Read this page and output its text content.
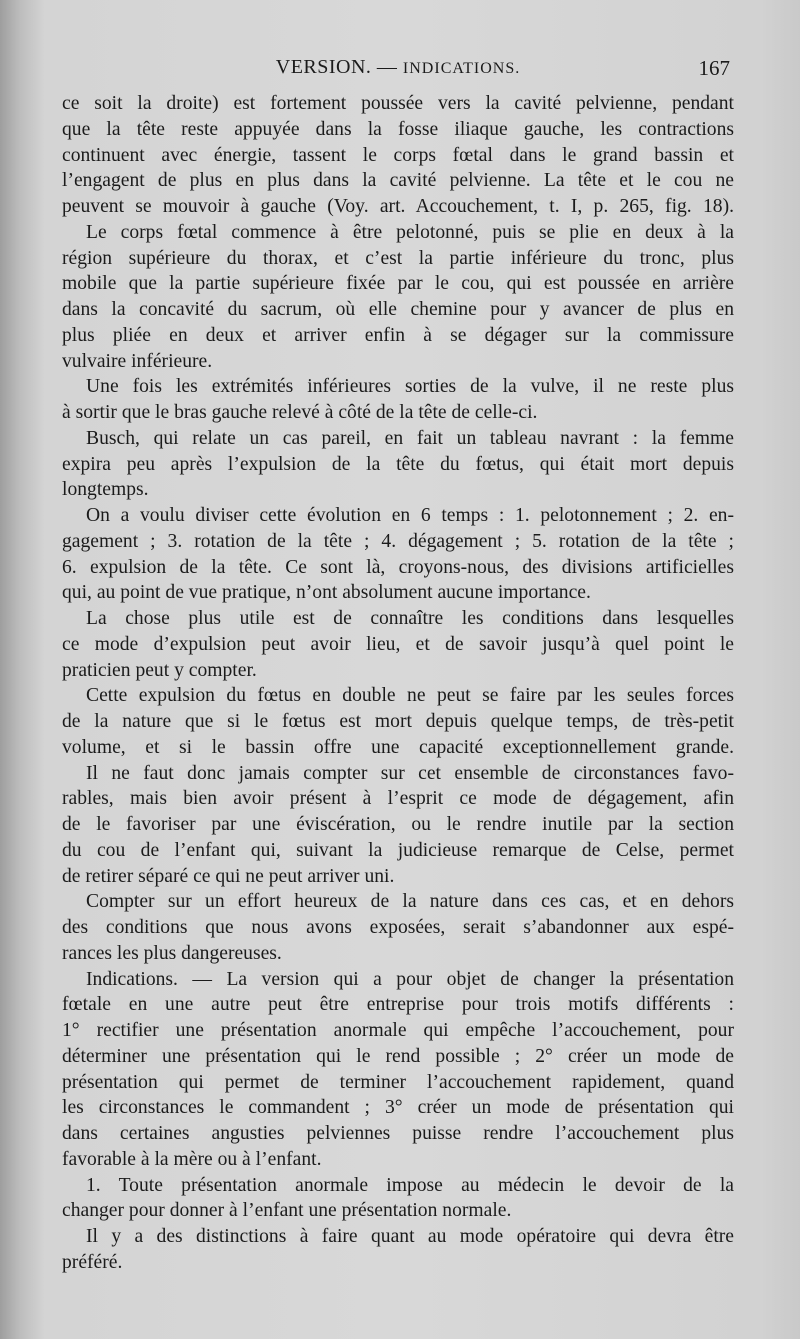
VERSION. — INDICATIONS.	167
ce soit la droite) est fortement poussée vers la cavité pelvienne, pendant
que la tête reste appuyée dans la fosse iliaque gauche, les contractions
continuent avec énergie, tassent le corps fœtal dans le grand bassin et
l’engagent de plus en plus dans la cavité pelvienne. La tête et le cou ne
peuvent se mouvoir à gauche (Voy. art. Accouchement, t. I, p. 265, fig. 18).
Le corps fœtal commence à être pelotonné, puis se plie en deux à la
région supérieure du thorax, et c’est la partie inférieure du tronc, plus
mobile que la partie supérieure fixée par le cou, qui est poussée en arrière
dans la concavité du sacrum, où elle chemine pour y avancer de plus en
plus pliée en deux et arriver enfin à se dégager sur la commissure
vulvaire inférieure.
Une fois les extrémités inférieures sorties de la vulve, il ne reste plus
à sortir que le bras gauche relevé à côté de la tête de celle-ci.
Busch, qui relate un cas pareil, en fait un tableau navrant : la femme
expira peu après l’expulsion de la tête du fœtus, qui était mort depuis
longtemps.
On a voulu diviser cette évolution en 6 temps : 1. pelotonnement ; 2. en-
gagement ; 3. rotation de la tête ; 4. dégagement ; 5. rotation de la tête ;
6. expulsion de la tête. Ce sont là, croyons-nous, des divisions artificielles
qui, au point de vue pratique, n’ont absolument aucune importance.
La chose plus utile est de connaître les conditions dans lesquelles
ce mode d’expulsion peut avoir lieu, et de savoir jusqu’à quel point le
praticien peut y compter.
Cette expulsion du fœtus en double ne peut se faire par les seules forces
de la nature que si le fœtus est mort depuis quelque temps, de très-petit
volume, et si le bassin offre une capacité exceptionnellement grande.
Il ne faut donc jamais compter sur cet ensemble de circonstances favo-
rables, mais bien avoir présent à l’esprit ce mode de dégagement, afin
de le favoriser par une éviscération, ou le rendre inutile par la section
du cou de l’enfant qui, suivant la judicieuse remarque de Celse, permet
de retirer séparé ce qui ne peut arriver uni.
Compter sur un effort heureux de la nature dans ces cas, et en dehors
des conditions que nous avons exposées, serait s’abandonner aux espé-
rances les plus dangereuses.
Indications. — La version qui a pour objet de changer la présentation
fœtale en une autre peut être entreprise pour trois motifs différents :
1° rectifier une présentation anormale qui empêche l’accouchement, pour
déterminer une présentation qui le rend possible ; 2° créer un mode de
présentation qui permet de terminer l’accouchement rapidement, quand
les circonstances le commandent ; 3° créer un mode de présentation qui
dans certaines angusties pelviennes puisse rendre l’accouchement plus
favorable à la mère ou à l’enfant.
1. Toute présentation anormale impose au médecin le devoir de la
changer pour donner à l’enfant une présentation normale.
Il y a des distinctions à faire quant au mode opératoire qui devra être
préféré.
